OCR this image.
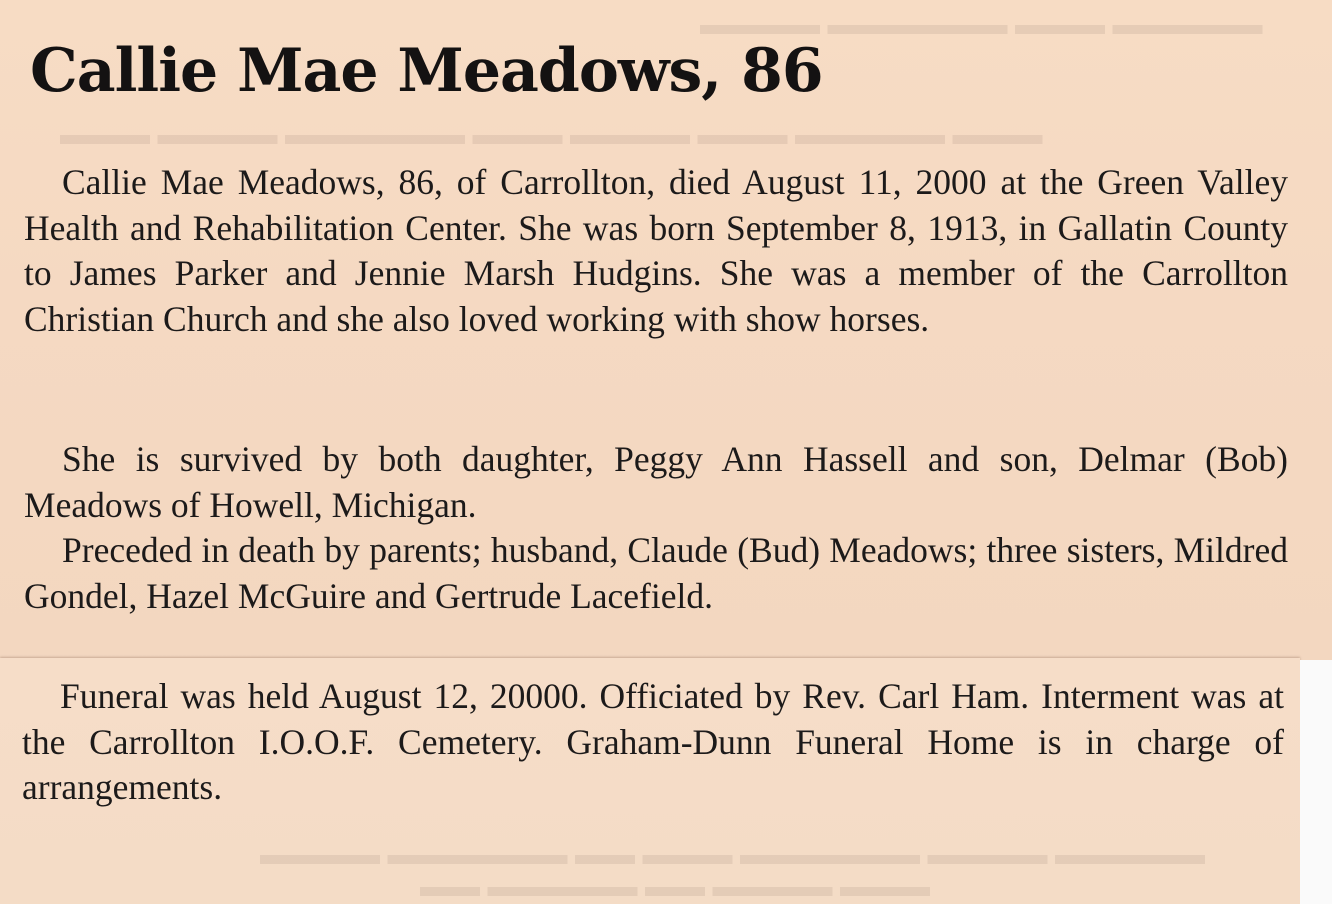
Callie Mae Meadows, 86

Callie Mae Meadows, 86, of Carrollton, died August 11, 2000 at the Green Valley Health and Rehabilitation Center. She was born September 8, 1913, in Gallatin County to James Parker and Jennie Marsh Hudgins. She was a member of the Carrollton Christian Church and she also loved working with show horses.

She is survived by both daughter, Peggy Ann Hassell and son, Delmar (Bob) Meadows of Howell, Michigan.

Preceded in death by parents; husband, Claude (Bud) Meadows; three sisters, Mildred Gondel, Hazel McGuire and Gertrude Lacefield.

Funeral was held August 12, 20000. Officiated by Rev. Carl Ham. Interment was at the Carrollton I.O.O.F. Cemetery. Graham-Dunn Funeral Home is in charge of arrangements.
